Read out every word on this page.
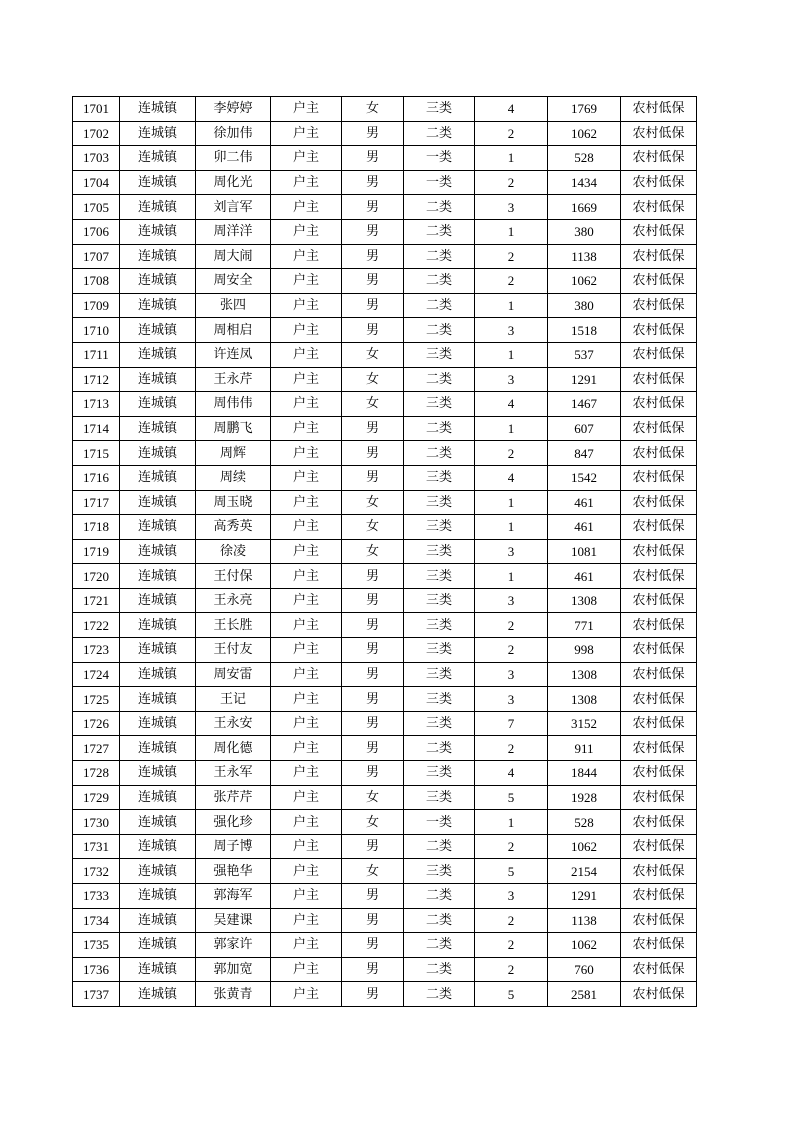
1701	连城镇	李婷婷	户主	女	三类	4	1769	农村低保
1702	连城镇	徐加伟	户主	男	二类	2	1062	农村低保
1703	连城镇	卯二伟	户主	男	一类	1	528	农村低保
1704	连城镇	周化光	户主	男	一类	2	1434	农村低保
1705	连城镇	刘言军	户主	男	二类	3	1669	农村低保
1706	连城镇	周洋洋	户主	男	二类	1	380	农村低保
1707	连城镇	周大闹	户主	男	二类	2	1138	农村低保
1708	连城镇	周安全	户主	男	二类	2	1062	农村低保
1709	连城镇	张四	户主	男	二类	1	380	农村低保
1710	连城镇	周相启	户主	男	二类	3	1518	农村低保
1711	连城镇	许连凤	户主	女	三类	1	537	农村低保
1712	连城镇	王永芹	户主	女	二类	3	1291	农村低保
1713	连城镇	周伟伟	户主	女	三类	4	1467	农村低保
1714	连城镇	周鹏飞	户主	男	二类	1	607	农村低保
1715	连城镇	周辉	户主	男	二类	2	847	农村低保
1716	连城镇	周续	户主	男	三类	4	1542	农村低保
1717	连城镇	周玉晓	户主	女	三类	1	461	农村低保
1718	连城镇	高秀英	户主	女	三类	1	461	农村低保
1719	连城镇	徐凌	户主	女	三类	3	1081	农村低保
1720	连城镇	王付保	户主	男	三类	1	461	农村低保
1721	连城镇	王永亮	户主	男	三类	3	1308	农村低保
1722	连城镇	王长胜	户主	男	三类	2	771	农村低保
1723	连城镇	王付友	户主	男	三类	2	998	农村低保
1724	连城镇	周安雷	户主	男	三类	3	1308	农村低保
1725	连城镇	王记	户主	男	三类	3	1308	农村低保
1726	连城镇	王永安	户主	男	三类	7	3152	农村低保
1727	连城镇	周化德	户主	男	二类	2	911	农村低保
1728	连城镇	王永军	户主	男	三类	4	1844	农村低保
1729	连城镇	张芹芹	户主	女	三类	5	1928	农村低保
1730	连城镇	强化珍	户主	女	一类	1	528	农村低保
1731	连城镇	周子博	户主	男	二类	2	1062	农村低保
1732	连城镇	强艳华	户主	女	三类	5	2154	农村低保
1733	连城镇	郭海军	户主	男	二类	3	1291	农村低保
1734	连城镇	吴建课	户主	男	二类	2	1138	农村低保
1735	连城镇	郭家许	户主	男	二类	2	1062	农村低保
1736	连城镇	郭加宽	户主	男	二类	2	760	农村低保
1737	连城镇	张黄青	户主	男	二类	5	2581	农村低保
